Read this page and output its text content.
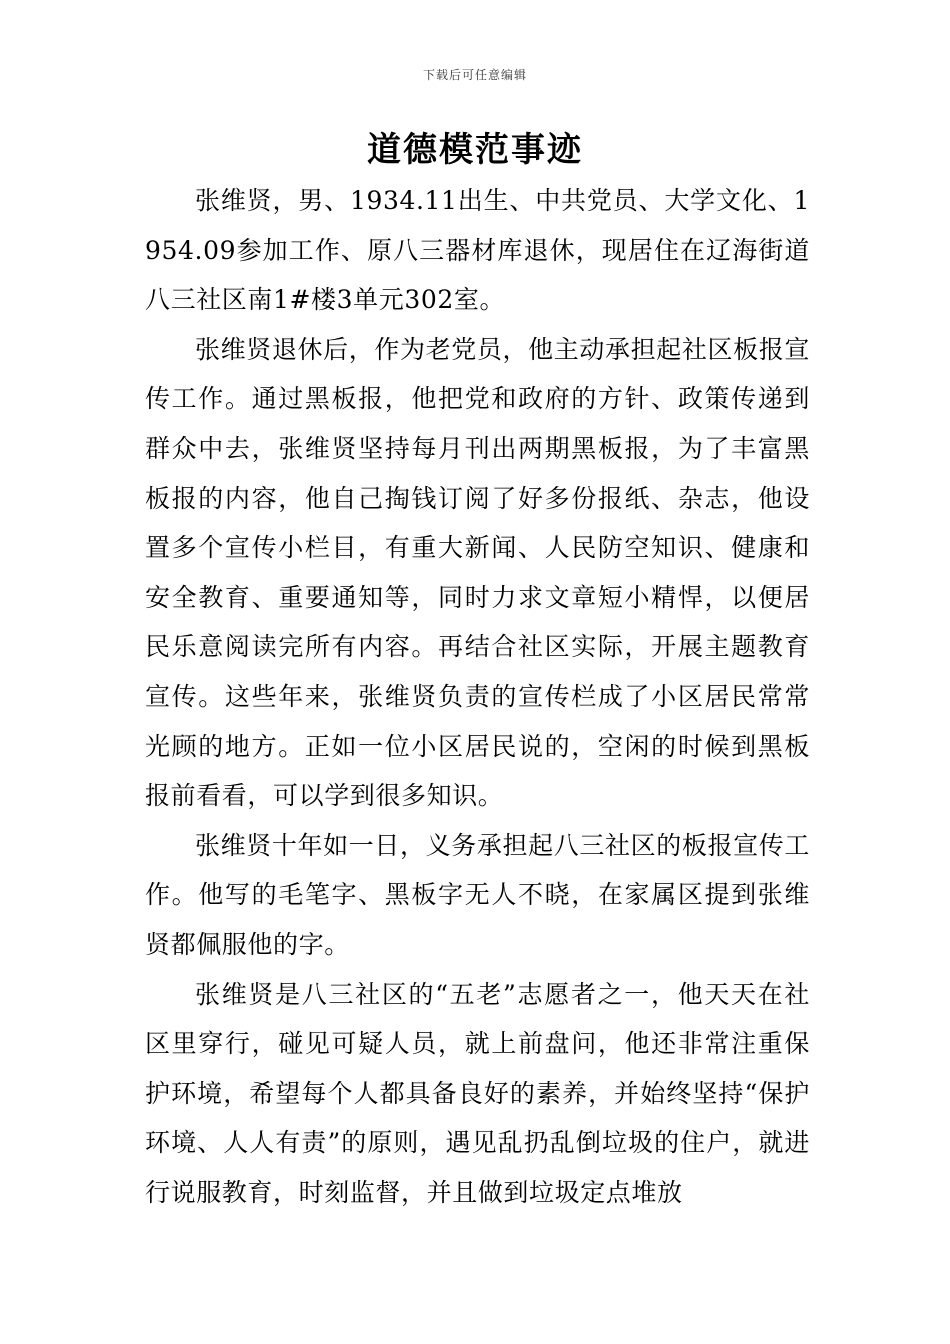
下载后可任意编辑
道德模范事迹

张维贤，男、1934.11出生、中共党员、大学文化、1954.09参加工作、原八三器材库退休，现居住在辽海街道八三社区南1#楼3单元302室。

张维贤退休后，作为老党员，他主动承担起社区板报宣传工作。通过黑板报，他把党和政府的方针、政策传递到群众中去，张维贤坚持每月刊出两期黑板报，为了丰富黑板报的内容，他自己掏钱订阅了好多份报纸、杂志，他设置多个宣传小栏目，有重大新闻、人民防空知识、健康和安全教育、重要通知等，同时力求文章短小精悍，以便居民乐意阅读完所有内容。再结合社区实际，开展主题教育宣传。这些年来，张维贤负责的宣传栏成了小区居民常常光顾的地方。正如一位小区居民说的，空闲的时候到黑板报前看看，可以学到很多知识。

张维贤十年如一日，义务承担起八三社区的板报宣传工作。他写的毛笔字、黑板字无人不晓，在家属区提到张维贤都佩服他的字。

张维贤是八三社区的“五老”志愿者之一，他天天在社区里穿行，碰见可疑人员，就上前盘问，他还非常注重保护环境，希望每个人都具备良好的素养，并始终坚持“保护环境、人人有责”的原则，遇见乱扔乱倒垃圾的住户，就进行说服教育，时刻监督，并且做到垃圾定点堆放
